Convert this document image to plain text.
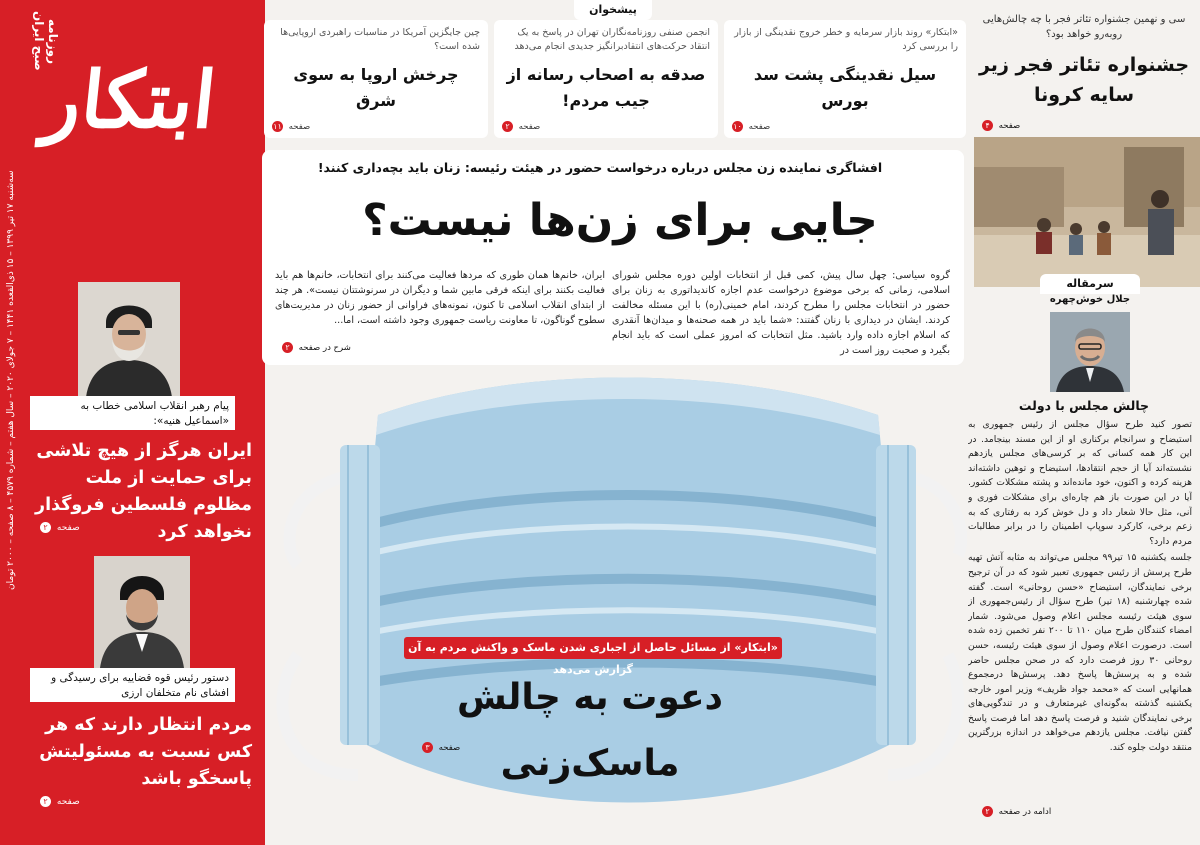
ابتکار
روزنامه صبح ایران
سه‌شنبه ۱۷ تیر ۱۳۹۹ – ۱۵ ذی‌القعده ۱۴۴۱ – ۷ جولای ۲۰۲۰ – سال هفتم – شماره ۴۵۷۹ – ۸ صفحه – ۲۰۰۰ تومان
پیام رهبر انقلاب اسلامی خطاب به «اسماعیل هنیه»:
ایران هرگز از هیچ تلاشی برای حمایت از ملت مظلوم فلسطین فروگذار نخواهد کرد
صفحه ۲
دستور رئیس قوه قضاییه برای رسیدگی و افشای نام متخلفان ارزی
مردم انتظار دارند که هر کس نسبت به مسئولیتش پاسخگو باشد
صفحه ۲
پیشخوان
«ابتکار» روند بازار سرمایه و خطر خروج نقدینگی از بازار را بررسی کرد
سیل نقدینگی پشت سد بورس
صفحه ۱۰
انجمن صنفی روزنامه‌نگاران تهران در پاسخ به یک انتقاد حرکت‌های انتقادبرانگیز جدیدی انجام می‌دهد
صدقه به اصحاب رسانه از جیب مردم!
صفحه ۲
چین جایگزین آمریکا در مناسبات راهبردی اروپایی‌ها شده است؟
چرخش اروپا به سوی شرق
صفحه ۱۱
سی و نهمین جشنواره تئاتر فجر با چه چالش‌هایی روبه‌رو خواهد بود؟
جشنواره تئاتر فجر زیر سایه کرونا
صفحه ۴
سرمقاله
جلال خوش‌چهره
چالش مجلس با دولت

تصور کنید طرح سؤال مجلس از رئیس جمهوری به استیضاح و سرانجام برکناری او از این مسند بینجامد. در این کار همه کسانی که بر کرسی‌های مجلس یازدهم نشسته‌اند آیا از حجم انتقادها، استیضاح و توهین داشته‌اند هزینه کرده و اکنون، خود مانده‌اند و پشته مشکلات کشور. آیا در این صورت باز هم چاره‌ای برای مشکلات فوری و آنی، مثل حالا شعار داد و دل خوش کرد به رفتاری که به زعم برخی، کارکرد سوپاپ اطمینان را در برابر مطالبات مردم دارد؟

جلسه یکشنبه ۱۵ تیر۹۹ مجلس می‌تواند به مثابه آتش تهیه طرح پرسش از رئیس جمهوری تعبیر شود که در آن ترجیح برخی نمایندگان، استیضاح «حسن روحانی» است. گفته شده چهارشنبه (۱۸ تیر) طرح سؤال از رئیس‌جمهوری از سوی هیئت رئیسه مجلس اعلام وصول می‌شود. شمار امضاء کنندگان طرح میان ۱۱۰ تا ۲۰۰ نفر تخمین زده شده است. درصورت اعلام وصول از سوی هیئت رئیسه، حسن روحانی ۳۰ روز فرصت دارد که در صحن مجلس حاضر شده و به پرسش‌ها پاسخ دهد. پرسش‌ها درمجموع همانهایی است که «محمد جواد ظریف» وزیر امور خارجه یکشنبه گذشته به‌گونه‌ای غیرمتعارف و در تندگویی‌های برخی نمایندگان شنید و فرصت پاسخ دهد اما فرصت پاسخ گفتن نیافت. مجلس یازدهم می‌خواهد در اندازه بزرگترین منتقد دولت جلوه کند.

ادامه در صفحه ۲
افشاگری نماینده زن مجلس درباره درخواست حضور در هیئت رئیسه: زنان باید بچه‌داری کنند!
جایی برای زن‌ها نیست؟
گروه سیاسی: چهل سال پیش، کمی قبل از انتخابات اولین دوره مجلس شورای اسلامی، زمانی که برخی موضوع درخواست عدم اجازه کاندیداتوری به زنان برای حضور در انتخابات مجلس را مطرح کردند، امام خمینی(ره) با این مسئله مخالفت کردند. ایشان در دیداری با زنان گفتند: «شما باید در همه صحنه‌ها و میدان‌ها آنقدری که اسلام اجازه داده وارد باشید. مثل انتخابات که امروز عملی است که باید انجام بگیرد و صحبت روز است در
ایران، خانم‌ها همان طوری که مردها فعالیت می‌کنند برای انتخابات، خانم‌ها هم باید فعالیت بکنند برای اینکه فرقی مابین شما و دیگران در سرنوشتتان نیست». هر چند از ابتدای انقلاب اسلامی تا کنون، نمونه‌های فراوانی از حضور زنان در مدیریت‌های سطوح گوناگون، تا معاونت ریاست جمهوری وجود داشته است، اما...
شرح در صفحه ۲
«ابتکار» از مسائل حاصل از اجباری شدن ماسک و واکنش مردم به آن گزارش می‌دهد
دعوت به چالش ماسک‌زنی
صفحه ۳
